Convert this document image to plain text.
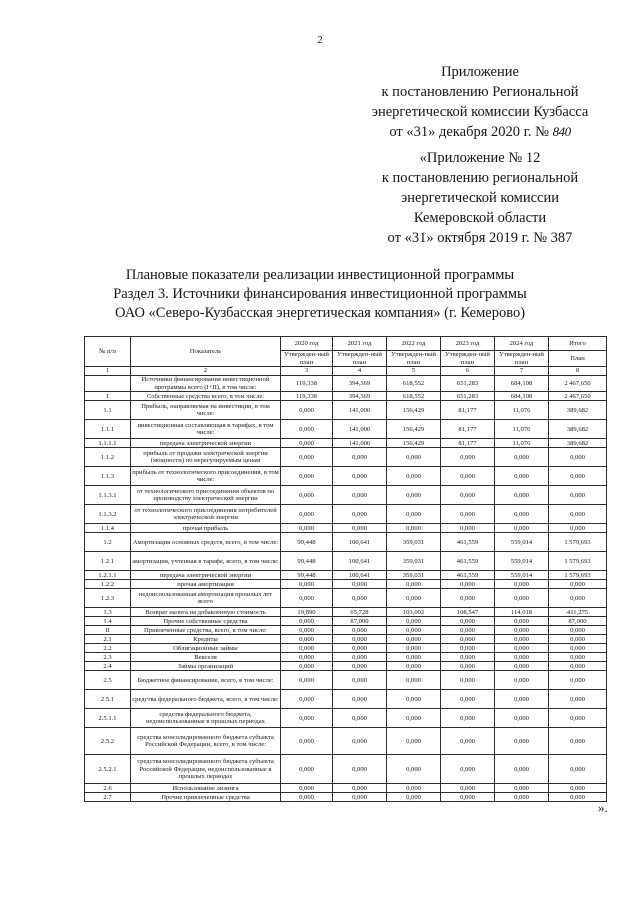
2
Приложение
к постановлению Региональной
энергетической комиссии Кузбасса
от «31» декабря 2020 г. № 840
«Приложение № 12
к постановлению региональной
энергетической комиссии
Кемеровской области
от «31» октября 2019 г. № 387
Плановые показатели реализации инвестиционной программы
Раздел 3. Источники финансирования инвестиционной программы
ОАО «Северо-Кузбасская энергетическая компания» (г. Кемерово)
№ п/п	Показатель	2020 год	2021 год	2022 год	2023 год	2024 год	Итого
		Утвержден-ный план	Утвержден-ный план	Утвержден-ный план	Утвержден-ный план	Утвержден-ный план	План
1	2	3	4	5	6	7	8
	Источники финансирования инвестиционной программы всего (I+II), в том числе:	119,338	394,369	618,552	651,283	684,108	2 467,650
I	Собственные средства всего, в том числе:	119,338	394,369	618,552	651,283	684,108	2 467,650
1.1	Прибыль, направляемая на инвестиции, в том числе:	0,000	141,000	156,429	81,177	11,076	389,682
1.1.1	инвестиционная составляющая в тарифах, в том числе:	0,000	141,000	156,429	81,177	11,076	389,682
1.1.1.1	передача электрической энергии	0,000	141,000	156,429	81,177	11,076	389,682
1.1.2	прибыль от продажи электрической энергии (мощности) по нерегулируемым ценам	0,000	0,000	0,000	0,000	0,000	0,000
1.1.3	прибыль от технологического присоединения, в том числе:	0,000	0,000	0,000	0,000	0,000	0,000
1.1.3.1	от технологического присоединения объектов по производству электрической энергии	0,000	0,000	0,000	0,000	0,000	0,000
1.1.3.2	от технологического присоединения потребителей электрической энергии	0,000	0,000	0,000	0,000	0,000	0,000
1.1.4	прочая прибыль	0,000	0,000	0,000	0,000	0,000	0,000
1.2	Амортизация основных средств, всего, в том числе:	99,448	100,641	359,031	461,559	559,014	1 579,693
1.2.1	амортизация, учтенная в тарифе, всего, в том числе:	99,448	100,641	359,031	461,559	559,014	1 579,693
1.2.1.1	передача электрической энергии	99,448	100,641	359,031	461,559	559,014	1 579,693
1.2.2	прочая амортизация	0,000	0,000	0,000	0,000	0,000	0,000
1.2.3	недоиспользованная амортизация прошлых лет всего	0,000	0,000	0,000	0,000	0,000	0,000
1.3	Возврат налога на добавленную стоимость	19,890	65,728	103,092	108,547	114,018	411,275
1.4	Прочие собственные средства	0,000	87,000	0,000	0,000	0,000	87,000
II	Привлеченные средства, всего, в том числе:	0,000	0,000	0,000	0,000	0,000	0,000
2.1	Кредиты	0,000	0,000	0,000	0,000	0,000	0,000
2.2	Облигационные займы	0,000	0,000	0,000	0,000	0,000	0,000
2.3	Векселя	0,000	0,000	0,000	0,000	0,000	0,000
2.4	Займы организаций	0,000	0,000	0,000	0,000	0,000	0,000
2.5	Бюджетное финансирование, всего, в том числе:	0,000	0,000	0,000	0,000	0,000	0,000
2.5.1	средства федерального бюджета, всего, в том числе:	0,000	0,000	0,000	0,000	0,000	0,000
2.5.1.1	средства федерального бюджета, недоиспользованные в прошлых периодах	0,000	0,000	0,000	0,000	0,000	0,000
2.5.2	средства консолидированного бюджета субъекта Российской Федерации, всего, в том числе:	0,000	0,000	0,000	0,000	0,000	0,000
2.5.2.1	средства консолидированного бюджета субъекта Российской Федерации, недоиспользованные в прошлых периодах	0,000	0,000	0,000	0,000	0,000	0,000
2.6	Использование лизинга	0,000	0,000	0,000	0,000	0,000	0,000
2.7	Прочие привлеченные средства	0,000	0,000	0,000	0,000	0,000	0,000
».
